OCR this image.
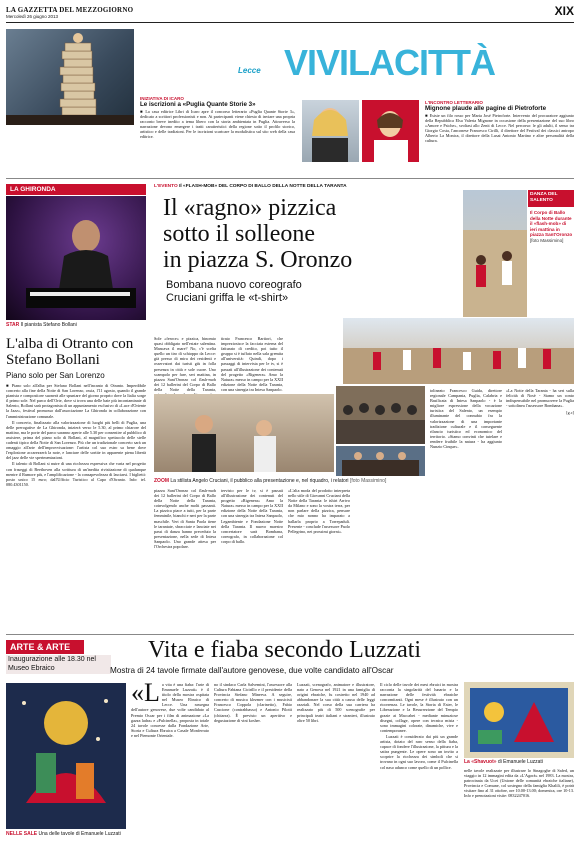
LA GAZZETTA DEL MEZZOGIORNO
Mercoledì 26 giugno 2013	XIX
INIZIATIVA DI ICARO
Le iscrizioni a «Puglia Quante Storie 3»
■ La casa editrice Libri di Icaro apre il concorso letterario «Puglia Quante Storie 3», dedicato a scrittori professionisti e non. Ai partecipanti viene chiesto di inviare una propria racconto breve inedito a tema libero con la storia ambientata in Puglia. Attraverso la narrazione devono emergere i tratti caratteristici della regione sotto il profilo storico, artistico e delle tradizioni. Per le iscrizioni scaricare la modulistica sul sito web della casa editrice.
Lecce VIVILACITTÀ
L'INCONTRO LETTERARIO
Mignone plaude alle pagine di Pietroforte
■ Esiste un filo rosso per Maria José Pietroforte. Intervento del procuratore aggiunto della Repubblica Elsa Valeria Mignone in occasione della presentazione del suo libro «Amore e Psiche», svoltasi allo Zenit di Lecce. Nel percorso: le gli adulti, il senso tra Giorgio Costa, l'anconese Francesco Cirilli, il direttore del Festival dei classici antropo Alberto La Monica, il direttore della Lusai Antonio Martino e altre personalità della cultura.
LA GHIRONDA
STAR Il pianista Stefano Bollani
L'alba di Otranto con Stefano Bollani
Piano solo per San Lorenzo

■ Piano solo all'alba per Stefano Bollani nell'incanto di Otranto. Imperdibile concerto alla fine della Notte di San Lorenzo, ossia, l'11 agosto, quando il grande pianista e compositore suonerà alle spuntare del giorno proprio dove la Italia sorge il primo sole. Nel parco dell'Orte, dove si trova una delle baie più incontaminate di Salento, Bollani sarà protagonista di un appuntamento esclusivo di «Luce d'Oriente la Jazz», festival promosso dall'associazione La Ghironda in collaborazione con l'amministrazione comunale.

Il concerto, finalizzato alla valorizzazione di luoghi più belli di Puglia, una delle prerogative de La Ghironda, inizierà verso le 5.30, al primo chiarore del mattino, ma le porte del parco saranno aperte alle 5.30 per consentire al pubblico di assistere, prima del piano solo di Bollani, al magnifico spettacolo delle stelle cadenti tipico della Notte di San Lorenzo. Più che un tradizionale concerto sarà un omaggio all'arte dell'improvvisazione: l'artista col suo estro sa bene dove l'esplosione accarezzerà la note, e lanciare delle sortite in apparente piena libertà del jazz delle vie sperimentazioni.

Il talento di Bollani si nutre di una ricchezza espressiva che varia nel progetto con fraseggi di Beethoven alla scrittura di un'inedita rivisitazione di qualunque mentre il Rumore più, e l'amplificazione - la consapevolezza di lasciarsi. I biglietti: posto unico 15 euro; dall'Ufficio Turistico al Capo d'Otranto. Info: tel. 080.4301150.

L'EVENTO Il «FLASH-MOB» DEL CORPO DI BALLO DELLA NOTTE DELLA TARANTA
Il «ragno» pizzica
sotto il solleone
in piazza S. Oronzo
Bombana nuovo coreografo
Cruciani griffa le «t-shirt»
DANZA DEL SALENTO
Il Corpo di Ballo della Notte durante il «flash-mob» di ieri mattina in piazza Sant'Oronzo [foto Massimino]

Sole «feroce» e pizzica, binomio quasi obbligato nell'estate salentina. Mancava il mare? No, c'è scelta quello un tiro di schioppo da Lecce: già presso di mira dei residenti e osservatori dai turisti giù in folla presenza in città e sole cuore. Uno scampolo per fare, seri mattina, in piazza Sant'Oronzo col flash-mob dei 12 ballerini del Corpo di Ballo della Notte della Taranta,

tirato Francesco Bartiori, che impreziosisce la facciata esterna del fatturato di credito, poi tutto il gruppo si è tuffato nella sala gremita all'università: Quindi, dopo i passaggi di intervista per le tv, si è passati all'illustrazione dei contenuti del progetto «Rigenera» Amo la Natura» messo in campo per la XXII edizione della Notte della Taranta, con una sinergia tra Intesa Sanpaolo.

ZOOM La stilista Angelo Cruciani, il pubblico alla presentazione e, nel riquadro, i relatori [foto Massimino]

piazza Sant'Oronzo col flash-mob dei 12 ballerini del Corpo di Ballo della Notte della Taranta, coinvolgendo anche molti passanti. La pizzica piace a tutti, per la parte femminile, bianchi e neri per la parte maschile. Vert di Santa Paola tiene le tarantate, sbracciate e lanciate nei passi di danza hanno preceduto la presentazione, nella sede di Intesa Sanpaolo. Uno grande attesa per l'Orchestra popolare.

tervisto per le tv, si è passati all'illustrazione dei contenuti del progetto «Rigenera» Amo la Natura» messo in campo per la XXII edizione della Notte della Taranta, con una sinergia tra Intesa Sanpaolo, Legambiente e Fondazione Notte della Taranta. Il nuovo maestro concertatore sarà Bombana, coreografo, in collaborazione col corpo di ballo.

«L'alta moda del prodotto interpreta nello stile di Giovanni Cruciani della Notte della Taranta: le tshirt Arrivo da Milano e sono la vostra terra, per non parlare della pizzica, pensare che mio nonno ha imparato a ballarla proprio a Torrepaduli. Presente - conclude l'assessore Paolo Pellegrino, nei prossimi giorni».

tolineato Francesco Guida, direttore regionale Campania, Puglia, Calabria e Basilicata di Intesa Sanpaolo - è la migliore espressione della vocazione turistica del Salento, un esempio illuminante del connubio fra la valorizzazione di una importante tradizione culturale e il conseguente rilancio turistico ed economico del territorio. «Siamo convinti che tutelare e rendere fruibile la natura - ha aggiunto Nunzio Cinque».

«La Notte della Taranta - ha seri sulla felicità di Nosè - Siamo un conto indispensabile nel promuovere la Puglia - sottolinea l'assessore Bombana».

[g.c]

ARTE & ARTE
Inaugurazione alle 18.30 nel Museo Ebraico
Vita e fiaba secondo Luzzati
Mostra di 24 tavole firmate dall'autore genovese, due volte candidato all'Oscar
NELLE SALE Una delle tavole di Emanuele Luzzati
«L a vita è una fiaba: l'arte di Emanuele Luzzati» è il titolo della mostra ospitata nel Museo Ebraico di Lecce. Una rassegna dell'autore genovese, due volte candidato al Premio Oscar per i film di animazione «La gazza ladra» e «Pulcinella», proposta in totale 24 tavole concesse dalla Fondazione Arte, Storia e Cultura Ebraica a Casale Monferrato e nel Piemonte Orientale.

no il sindaco Carla Salvemini, l'assessore alla Cultura Fabiana Cicirillo e il presidente della Provincia Stefano Minerva. A seguire, concerto di musica klezmer con i musicisti Francesco Coppola (clarinetto), Fabio Cascione (contrabbasso) e Antonio Pilotti (chitarra). È previsto un aperitivo e degustazione di vini kosher.

Luzzati, scenografo, animatore e illustratore, nato a Genova nel 1921 in una famiglia di origini ebraiche, fu costretto nel 1940 ad abbandonare la sua città a causa delle leggi razziali. Nel corso della sua carriera ha realizzato più di 500 scenografie per principali teatri italiani e stranieri, illustrato oltre 50 libri.

Il ciclo delle tavole dei mesi ebraici in mostra racconta la singolarità del lunario e la narrazione delle festività ebraiche concomitanti. Ogni mese è illustrato con un ricorrenza. Le tavole, la Storia di Ester, le Liberazione e la Resurrezione del Tempio grazie ai Maccabei - mediante minuziose disegni, collage, opere con tecnica mista - sono immagini colorate, dinamiche, vive e contemporanee.

Luzzati è considerato dai più un grande artista, dotato del raro senso della fiaba, capace di fondere l'illustrazione, la pittura e la satira pungente. Le opere sono un invito a scoprire la ricchezza dei simboli che si trovano in ogni suo lavoro, come il Pulcinella col naso adunco come quello di un pollice.

La «Shavuot» di Emanuele Luzzati

nelle tavole realizzate per illustrare lo Sinagoghe di Safed, un viaggio in 12 immagini edita da «L'Agorà» nel 1983. La mostra, patrocinata da Ucei (Unione delle comunità ebraiche italiane), Provincia e Comune, col sostegno della famiglia Khalili, è potrà visitare fino al 31 ottobre, ore 10.00-13.00; domenica, ore 10-13. Info e prenotazioni visite: 0832247016.
